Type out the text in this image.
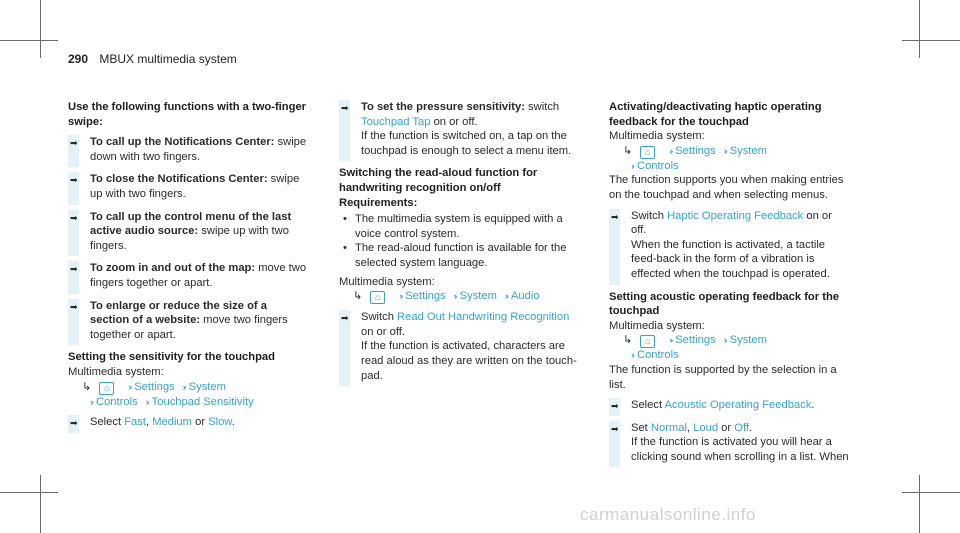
290 MBUX multimedia system

Use the following functions with a two-finger swipe:

➡ To call up the Notifications Center: swipe down with two fingers.
➡ To close the Notifications Center: swipe up with two fingers.
➡ To call up the control menu of the last active audio source: swipe up with two fingers.
➡ To zoom in and out of the map: move two fingers together or apart.
➡ To enlarge or reduce the size of a section of a website: move two fingers together or apart.

Setting the sensitivity for the touchpad

Multimedia system:

↳ ⌂ ›› Settings ›› System

›› Controls ›› Touchpad Sensitivity

➡ Select Fast, Medium or Slow.
➡ To set the pressure sensitivity: switch Touchpad Tap on or off.
If the function is switched on, a tap on the touchpad is enough to select a menu item.

Switching the read-aloud function for handwriting recognition on/off

Requirements:

• The multimedia system is equipped with a voice control system.
• The read-aloud function is available for the selected system language.

Multimedia system:

↳ ⌂ ›› Settings ›› System ›› Audio

➡ Switch Read Out Handwriting Recognition on or off.
If the function is activated, characters are read aloud as they are written on the touch-pad.

Activating/deactivating haptic operating feedback for the touchpad

Multimedia system:

↳ ⌂ ›› Settings ›› System

›› Controls

The function supports you when making entries on the touchpad and when selecting menus.

➡ Switch Haptic Operating Feedback on or off.
When the function is activated, a tactile feed-back in the form of a vibration is effected when the touchpad is operated.

Setting acoustic operating feedback for the touchpad

Multimedia system:

↳ ⌂ ›› Settings ›› System

›› Controls

The function is supported by the selection in a list.

➡ Select Acoustic Operating Feedback.
➡ Set Normal, Loud or Off.
If the function is activated you will hear a clicking sound when scrolling in a list. When
carmanualsonline.info
